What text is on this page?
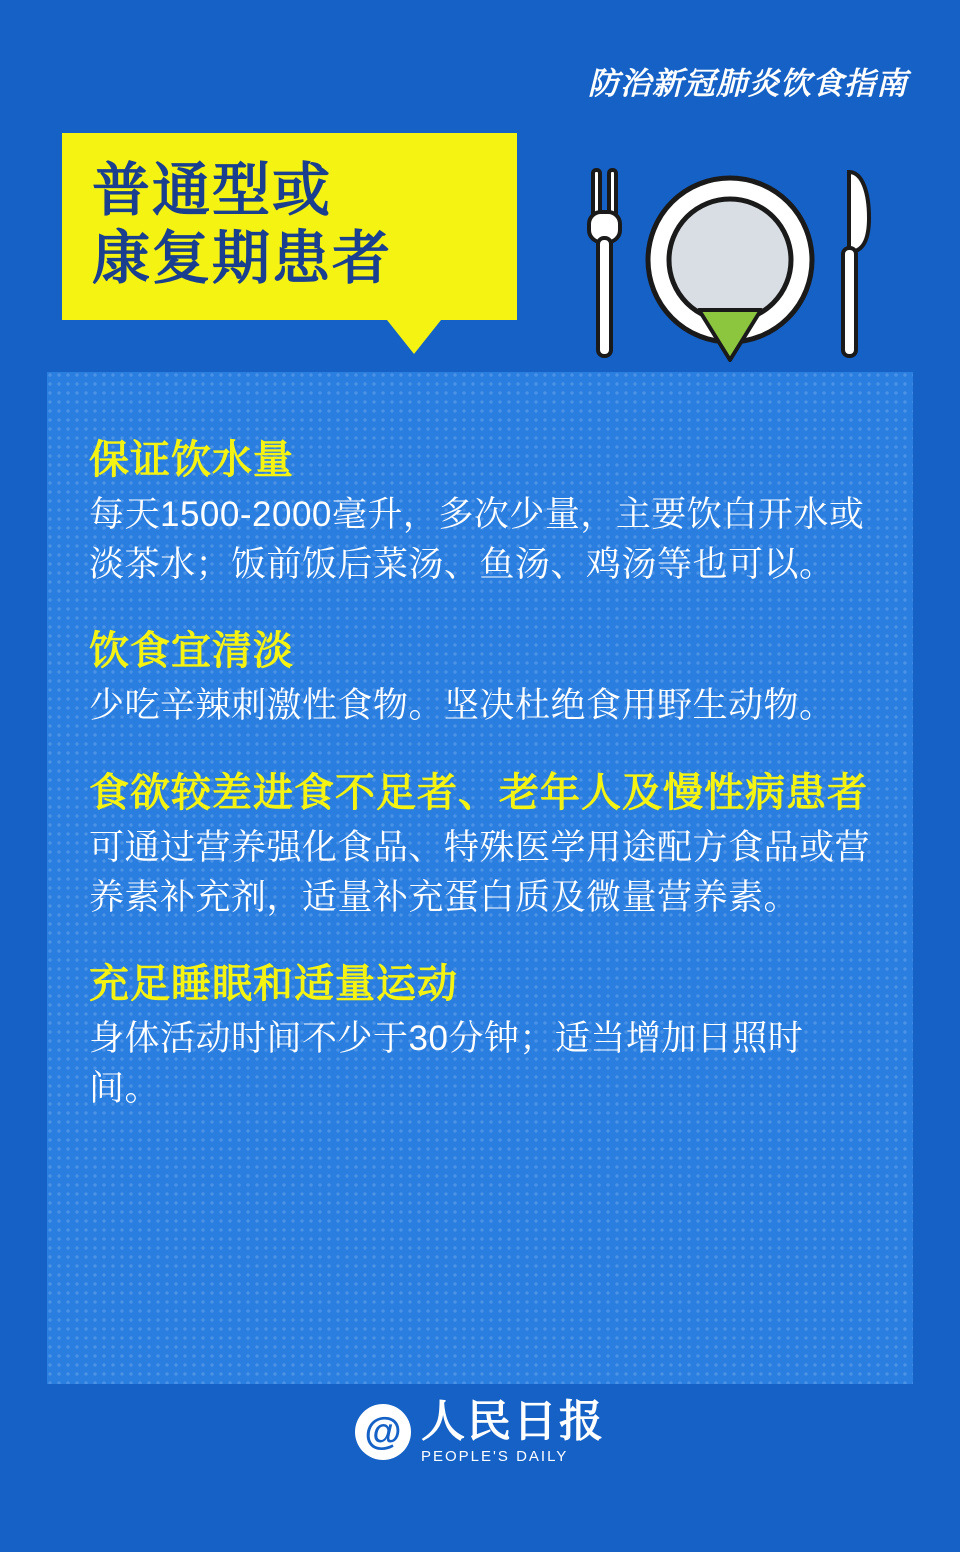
防治新冠肺炎饮食指南
普通型或
康复期患者
保证饮水量
每天1500-2000毫升，多次少量，主要饮白开水或淡茶水；饭前饭后菜汤、鱼汤、鸡汤等也可以。
饮食宜清淡
少吃辛辣刺激性食物。坚决杜绝食用野生动物。
食欲较差进食不足者、老年人及慢性病患者
可通过营养强化食品、特殊医学用途配方食品或营养素补充剂，适量补充蛋白质及微量营养素。
充足睡眠和适量运动
身体活动时间不少于30分钟；适当增加日照时间。
@ 人民日报
PEOPLE'S DAILY
